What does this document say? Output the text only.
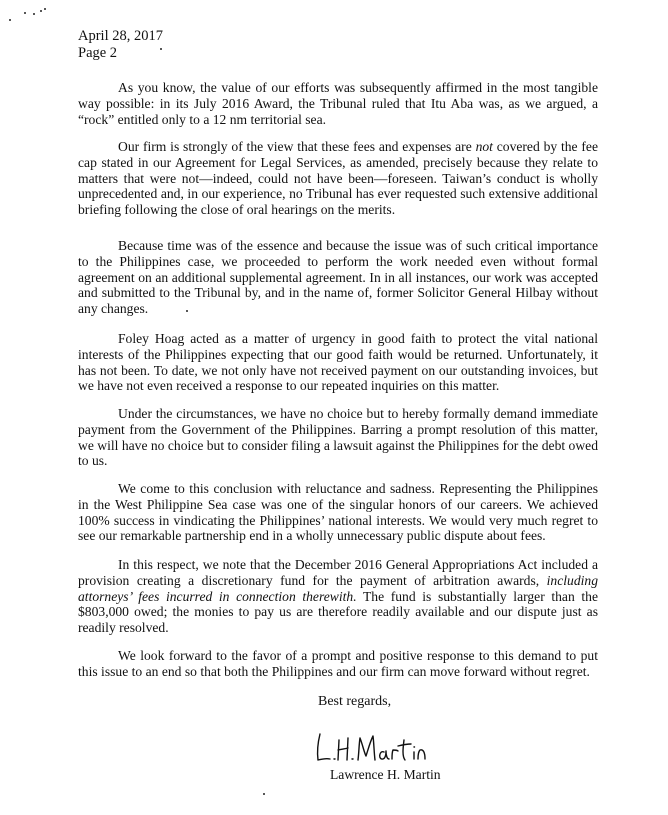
April 28, 2017
Page 2

As you know, the value of our efforts was subsequently affirmed in the most tangible way possible: in its July 2016 Award, the Tribunal ruled that Itu Aba was, as we argued, a “rock” entitled only to a 12 nm territorial sea.

Our firm is strongly of the view that these fees and expenses are not covered by the fee cap stated in our Agreement for Legal Services, as amended, precisely because they relate to matters that were not—indeed, could not have been—foreseen. Taiwan’s conduct is wholly unprecedented and, in our experience, no Tribunal has ever requested such extensive additional briefing following the close of oral hearings on the merits.

Because time was of the essence and because the issue was of such critical importance to the Philippines case, we proceeded to perform the work needed even without formal agreement on an additional supplemental agreement. In in all instances, our work was accepted and submitted to the Tribunal by, and in the name of, former Solicitor General Hilbay without any changes.

Foley Hoag acted as a matter of urgency in good faith to protect the vital national interests of the Philippines expecting that our good faith would be returned. Unfortunately, it has not been. To date, we not only have not received payment on our outstanding invoices, but we have not even received a response to our repeated inquiries on this matter.

Under the circumstances, we have no choice but to hereby formally demand immediate payment from the Government of the Philippines. Barring a prompt resolution of this matter, we will have no choice but to consider filing a lawsuit against the Philippines for the debt owed to us.

We come to this conclusion with reluctance and sadness. Representing the Philippines in the West Philippine Sea case was one of the singular honors of our careers. We achieved 100% success in vindicating the Philippines’ national interests. We would very much regret to see our remarkable partnership end in a wholly unnecessary public dispute about fees.

In this respect, we note that the December 2016 General Appropriations Act included a provision creating a discretionary fund for the payment of arbitration awards, including attorneys’ fees incurred in connection therewith. The fund is substantially larger than the $803,000 owed; the monies to pay us are therefore readily available and our dispute just as readily resolved.

We look forward to the favor of a prompt and positive response to this demand to put this issue to an end so that both the Philippines and our firm can move forward without regret.

Best regards,
Lawrence H. Martin
